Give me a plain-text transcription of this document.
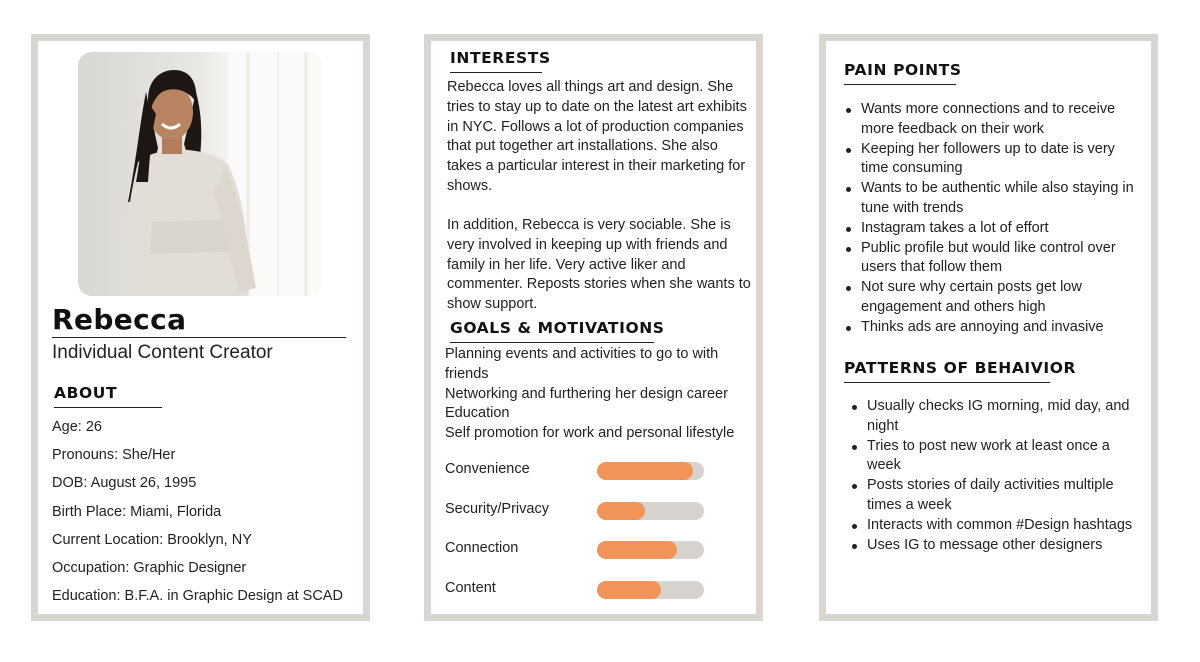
Rebecca
Individual Content Creator
ABOUT
Age: 26
Pronouns: She/Her
DOB: August 26, 1995
Birth Place: Miami, Florida
Current Location: Brooklyn, NY
Occupation: Graphic Designer
Education: B.F.A. in Graphic Design at SCAD
INTERESTS
Rebecca loves all things art and design. She tries to stay up to date on the latest art exhibits in NYC. Follows a lot of production companies that put together art installations. She also takes a particular interest in their marketing for shows.
In addition, Rebecca is very sociable. She is very involved in keeping up with friends and family in her life. Very active liker and commenter. Reposts stories when she wants to show support.
GOALS & MOTIVATIONS
Planning events and activities to go to with
friends
Networking and furthering her design career
Education
Self promotion for work and personal lifestyle
Convenience
Security/Privacy
Connection
Content
PAIN POINTS
Wants more connections and to receive more feedback on their work
Keeping her followers up to date is very time consuming
Wants to be authentic while also staying in tune with trends
Instagram takes a lot of effort
Public profile but would like control over users that follow them
Not sure why certain posts get low engagement and others high
Thinks ads are annoying and invasive
PATTERNS OF BEHAIVIOR
Usually checks IG morning, mid day, and night
Tries to post new work at least once a week
Posts stories of daily activities multiple times a week
Interacts with common #Design hashtags
Uses IG to message other designers
